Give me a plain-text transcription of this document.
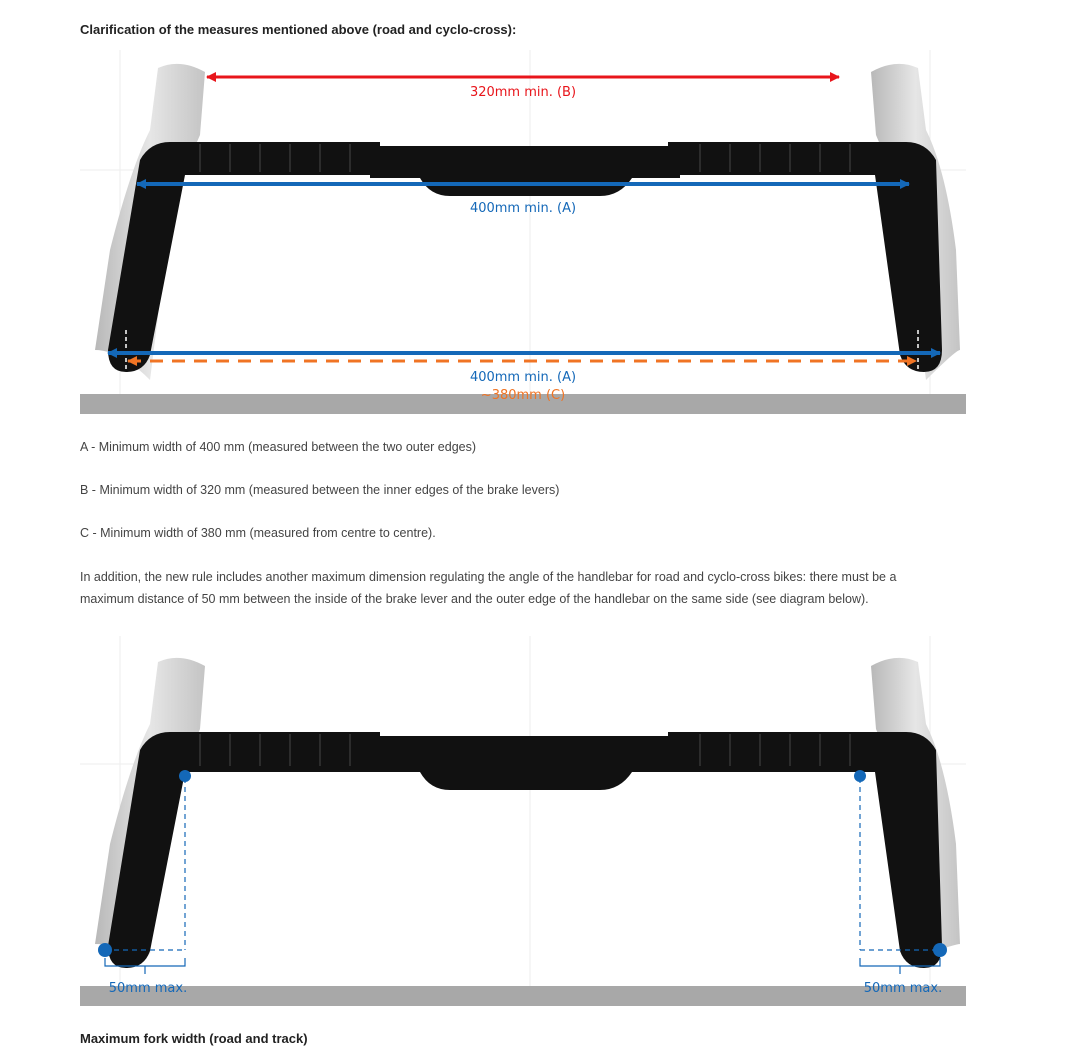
Clarification of the measures mentioned above (road and cyclo-cross):
320mm min. (B)
400mm min. (A)
400mm min. (A)
~380mm (C)

A - Minimum width of 400 mm (measured between the two outer edges)

B - Minimum width of 320 mm (measured between the inner edges of the brake levers)

C - Minimum width of 380 mm (measured from centre to centre).

In addition, the new rule includes another maximum dimension regulating the angle of the handlebar for road and cyclo-cross bikes: there must be a maximum distance of 50 mm between the inside of the brake lever and the outer edge of the handlebar on the same side (see diagram below).

50mm max.	50mm max.
Maximum fork width (road and track)
